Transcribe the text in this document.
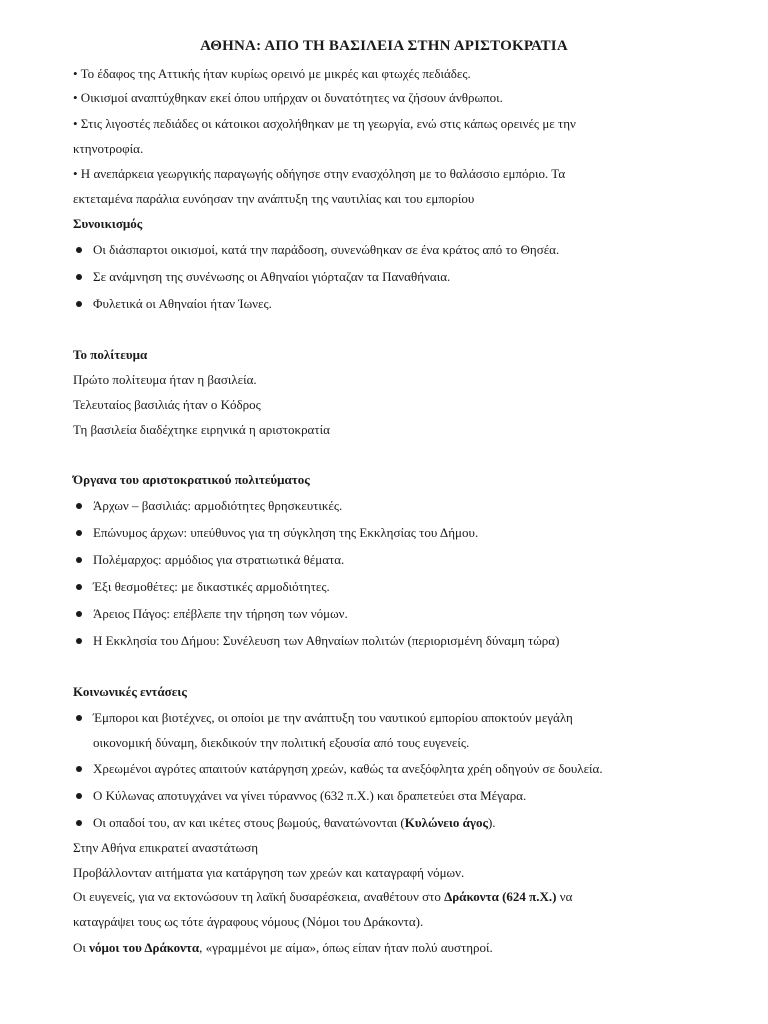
ΑΘΗΝΑ: ΑΠΟ ΤΗ ΒΑΣΙΛΕΙΑ ΣΤΗΝ ΑΡΙΣΤΟΚΡΑΤΙΑ
• Το έδαφος της Αττικής ήταν κυρίως ορεινό με μικρές και φτωχές πεδιάδες.
• Οικισμοί αναπτύχθηκαν εκεί όπου υπήρχαν οι δυνατότητες να ζήσουν άνθρωποι.
• Στις λιγοστές πεδιάδες οι κάτοικοι ασχολήθηκαν με τη γεωργία, ενώ στις κάπως ορεινές με την
κτηνοτροφία.
• Η ανεπάρκεια γεωργικής παραγωγής οδήγησε στην ενασχόληση με το θαλάσσιο εμπόριο. Τα
εκτεταμένα παράλια ευνόησαν την ανάπτυξη της ναυτιλίας και του εμπορίου
Συνοικισμός
Οι διάσπαρτοι οικισμοί, κατά την παράδοση, συνενώθηκαν σε ένα κράτος από το Θησέα.
Σε ανάμνηση της συνένωσης οι Αθηναίοι γιόρταζαν τα Παναθήναια.
Φυλετικά οι Αθηναίοι ήταν Ίωνες.
Το πολίτευμα
Πρώτο πολίτευμα ήταν η βασιλεία.
Τελευταίος βασιλιάς ήταν ο Κόδρος
Τη βασιλεία διαδέχτηκε ειρηνικά η αριστοκρατία
Όργανα του αριστοκρατικού πολιτεύματος
Άρχων – βασιλιάς: αρμοδιότητες θρησκευτικές.
Επώνυμος άρχων: υπεύθυνος για τη σύγκληση της Εκκλησίας του Δήμου.
Πολέμαρχος: αρμόδιος για στρατιωτικά θέματα.
Έξι θεσμοθέτες: με δικαστικές αρμοδιότητες.
Άρειος Πάγος: επέβλεπε την τήρηση των νόμων.
Η Εκκλησία του Δήμου: Συνέλευση των Αθηναίων πολιτών (περιορισμένη δύναμη τώρα)
Κοινωνικές εντάσεις
Έμποροι και βιοτέχνες, οι οποίοι με την ανάπτυξη του ναυτικού εμπορίου αποκτούν μεγάλη
οικονομική δύναμη, διεκδικούν την πολιτική εξουσία από τους ευγενείς.
Χρεωμένοι αγρότες απαιτούν κατάργηση χρεών, καθώς τα ανεξόφλητα χρέη οδηγούν σε δουλεία.
Ο Κύλωνας αποτυγχάνει να γίνει τύραννος (632 π.Χ.) και δραπετεύει στα Μέγαρα.
Οι οπαδοί του, αν και ικέτες στους βωμούς, θανατώνονται (Κυλώνειο άγος).
Στην Αθήνα επικρατεί αναστάτωση
Προβάλλονταν αιτήματα για κατάργηση των χρεών και καταγραφή νόμων.
Οι ευγενείς, για να εκτονώσουν τη λαϊκή δυσαρέσκεια, αναθέτουν στο Δράκοντα (624 π.Χ.) να
καταγράψει τους ως τότε άγραφους νόμους (Νόμοι του Δράκοντα).
Οι νόμοι του Δράκοντα, «γραμμένοι με αίμα», όπως είπαν ήταν πολύ αυστηροί.
